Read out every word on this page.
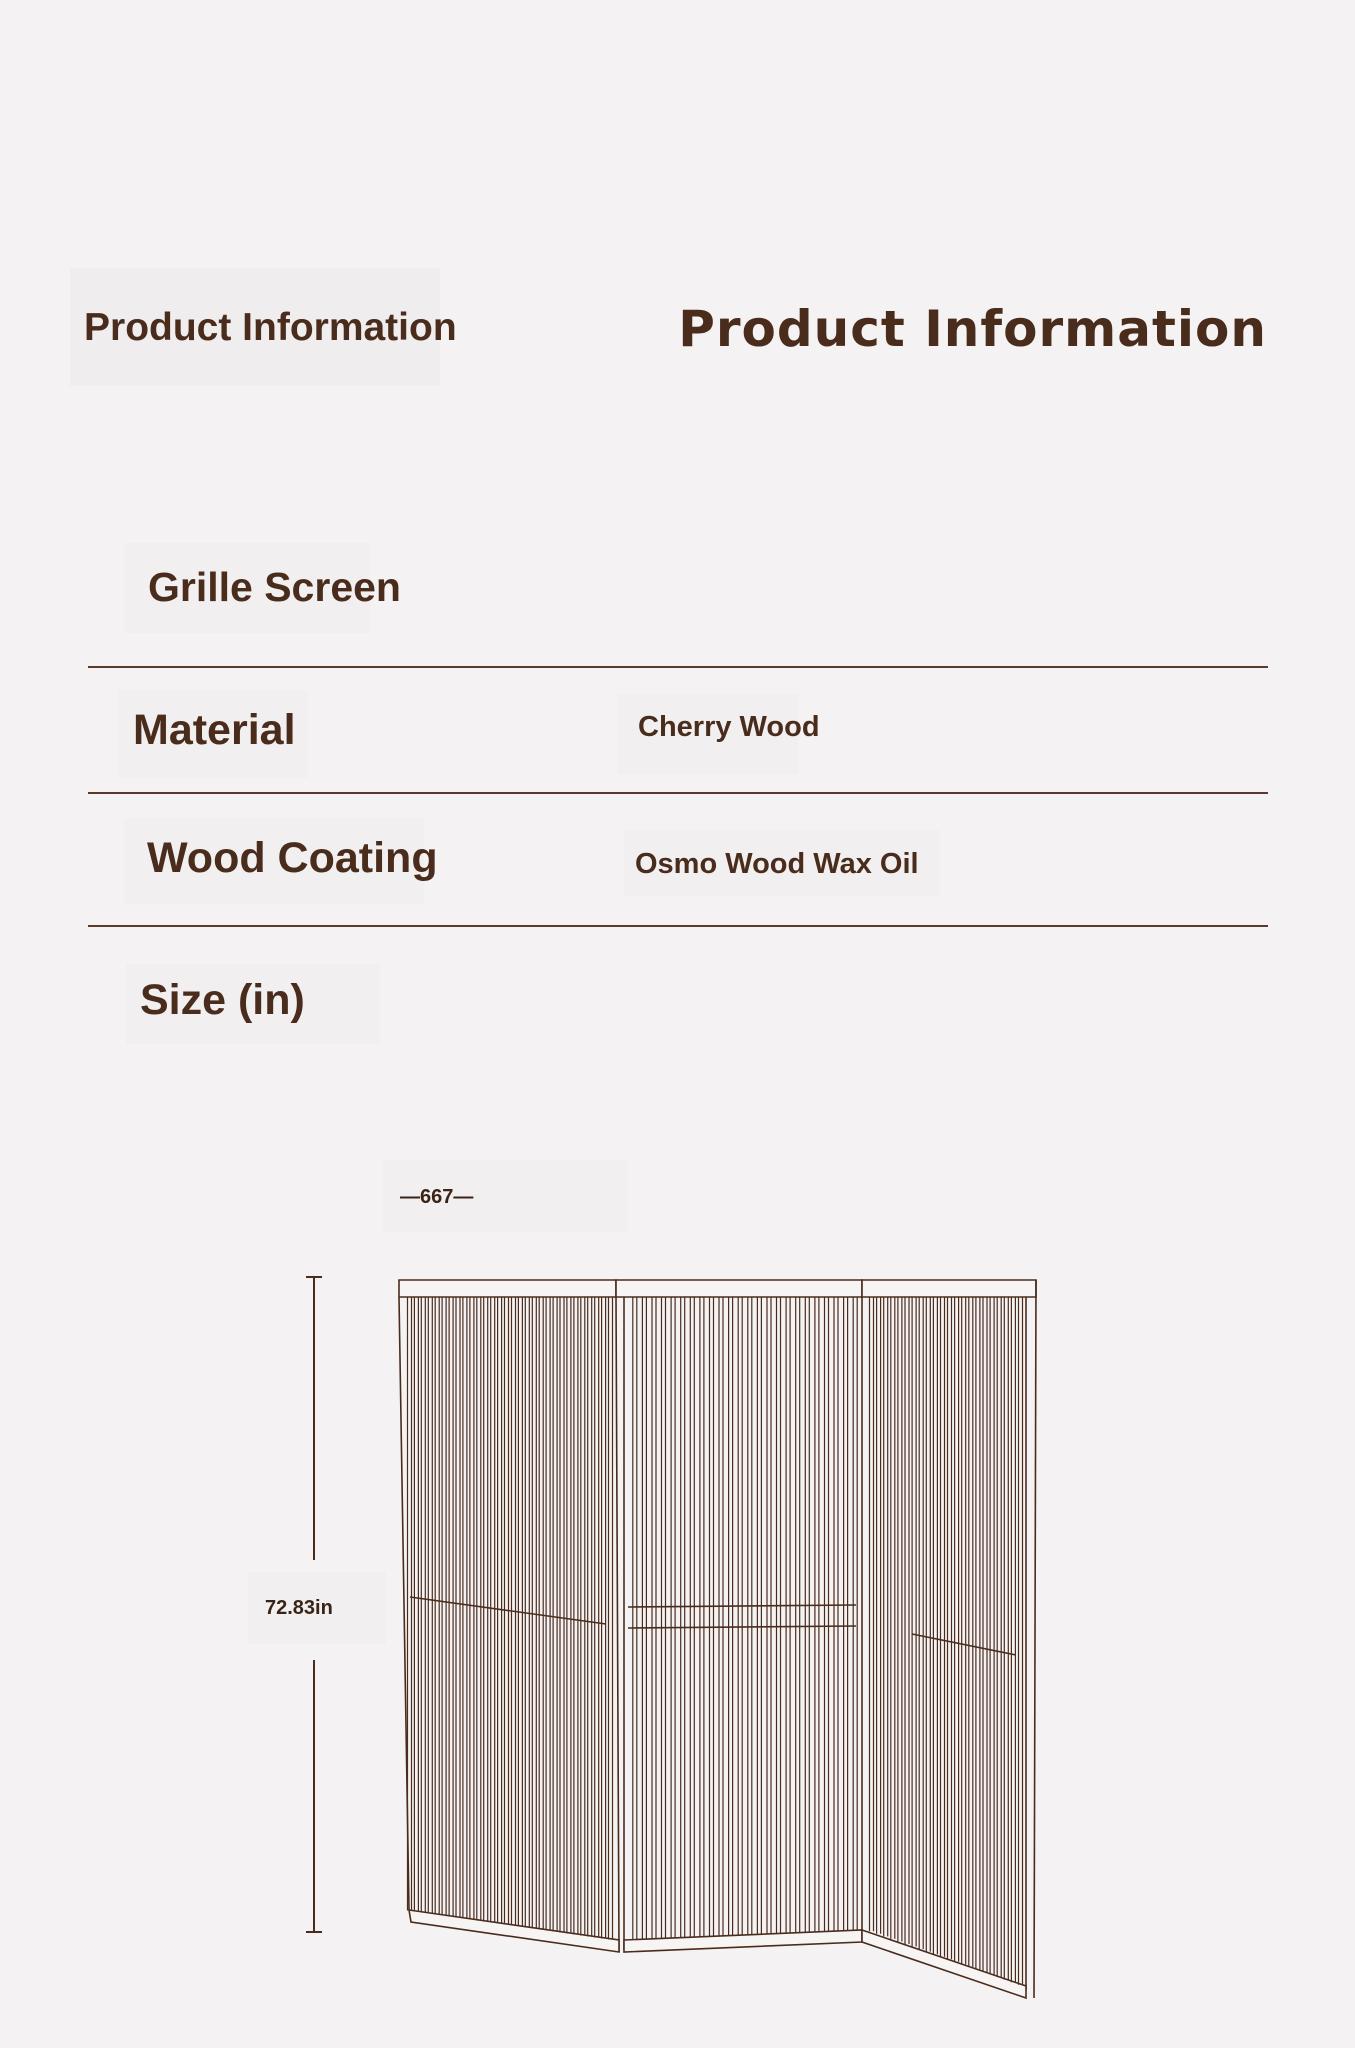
Product Information	Product Information
Grille Screen
Material	Cherry Wood
Wood Coating	Osmo Wood Wax Oil
Size (in)
—667—
72.83in
